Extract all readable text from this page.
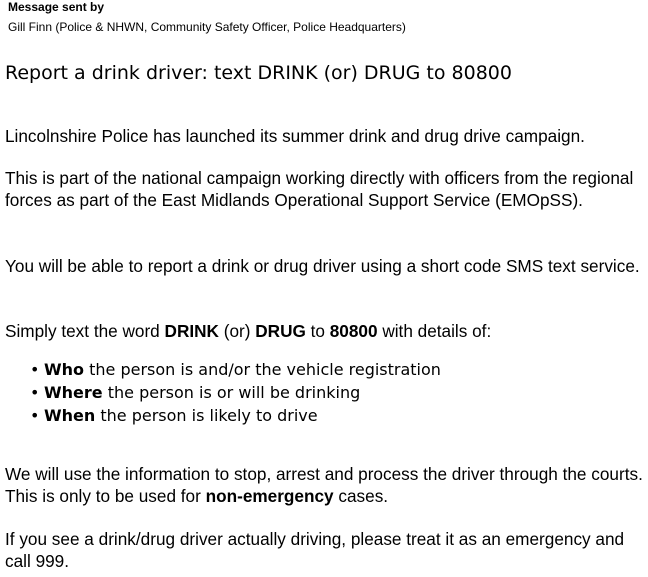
Message sent by
Gill Finn (Police & NHWN, Community Safety Officer, Police Headquarters)
Report a drink driver: text DRINK (or) DRUG to 80800
Lincolnshire Police has launched its summer drink and drug drive campaign.
This is part of the national campaign working directly with officers from the regional forces as part of the East Midlands Operational Support Service (EMOpSS).
You will be able to report a drink or drug driver using a short code SMS text service.
Simply text the word DRINK (or) DRUG to 80800 with details of:
• Who the person is and/or the vehicle registration
• Where the person is or will be drinking
• When the person is likely to drive
We will use the information to stop, arrest and process the driver through the courts. This is only to be used for non-emergency cases.
If you see a drink/drug driver actually driving, please treat it as an emergency and call 999.
